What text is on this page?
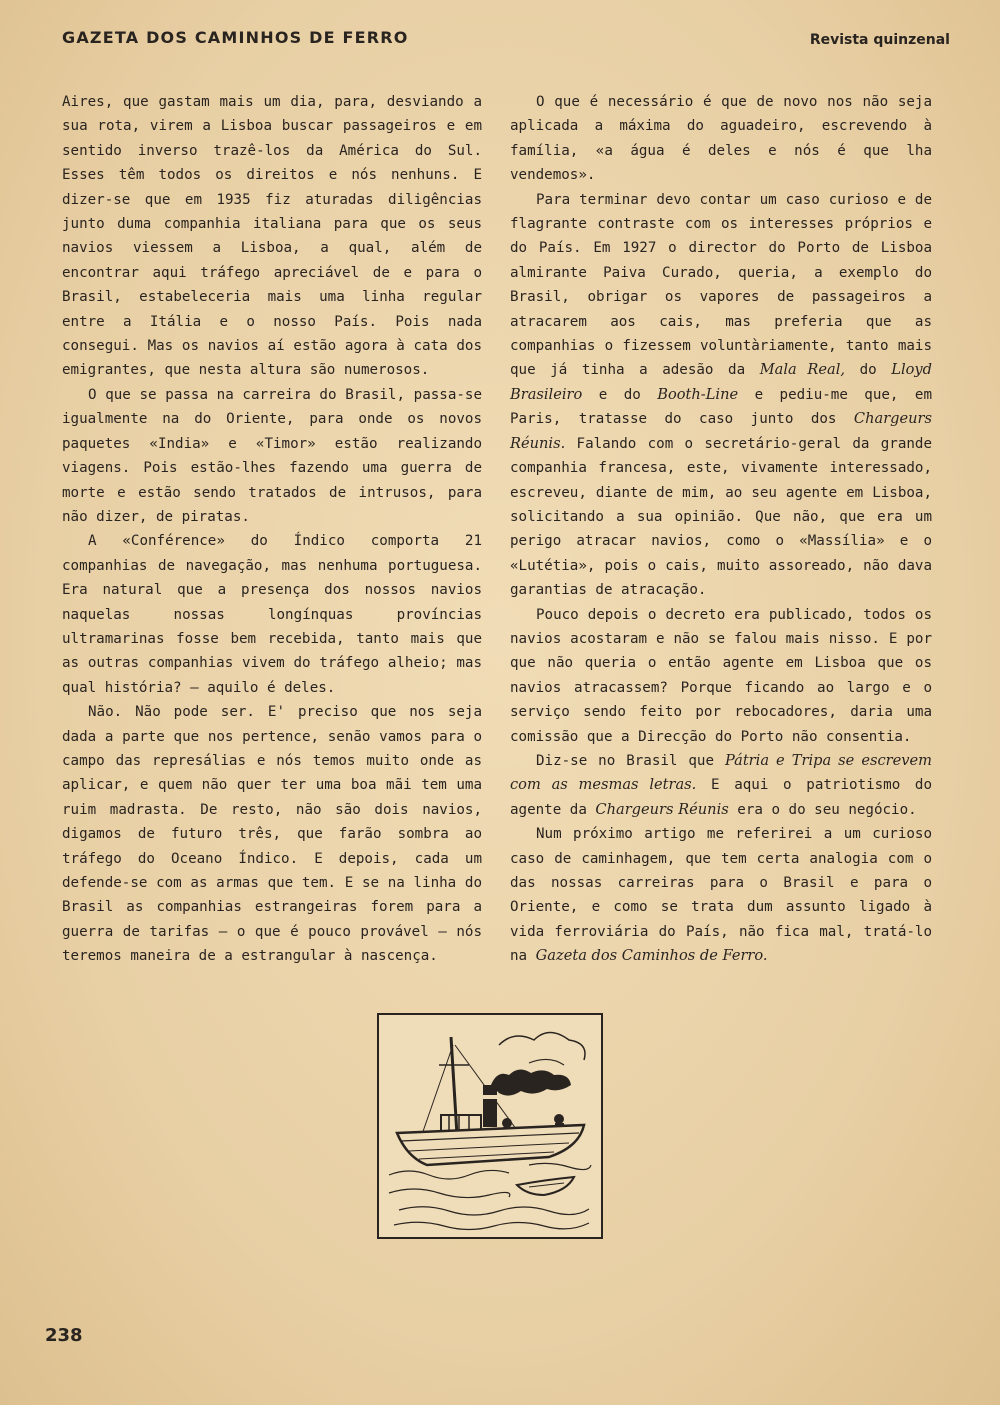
GAZETA DOS CAMINHOS DE FERRO	Revista quinzenal

Aires, que gastam mais um dia, para, desviando a sua rota, virem a Lisboa buscar passageiros e em sentido inverso trazê-los da América do Sul. Esses têm todos os direitos e nós nenhuns. E dizer-se que em 1935 fiz aturadas diligências junto duma companhia italiana para que os seus navios viessem a Lisboa, a qual, além de encontrar aqui tráfego apreciável de e para o Brasil, estabeleceria mais uma linha regular entre a Itália e o nosso País. Pois nada consegui. Mas os navios aí estão agora à cata dos emigrantes, que nesta altura são numerosos.

O que se passa na carreira do Brasil, passa-se igualmente na do Oriente, para onde os novos paquetes «India» e «Timor» estão realizando viagens. Pois estão-lhes fazendo uma guerra de morte e estão sendo tratados de intrusos, para não dizer, de piratas.

A «Conférence» do Índico comporta 21 companhias de navegação, mas nenhuma portuguesa. Era natural que a presença dos nossos navios naquelas nossas longínquas províncias ultramarinas fosse bem recebida, tanto mais que as outras companhias vivem do tráfego alheio; mas qual história? — aquilo é deles.

Não. Não pode ser. E' preciso que nos seja dada a parte que nos pertence, senão vamos para o campo das represálias e nós temos muito onde as aplicar, e quem não quer ter uma boa mãi tem uma ruim madrasta. De resto, não são dois navios, digamos de futuro três, que farão sombra ao tráfego do Oceano Índico. E depois, cada um defende-se com as armas que tem. E se na linha do Brasil as companhias estrangeiras forem para a guerra de tarifas — o que é pouco provável — nós teremos maneira de a estrangular à nascença.

O que é necessário é que de novo nos não seja aplicada a máxima do aguadeiro, escrevendo à família, «a água é deles e nós é que lha vendemos».

Para terminar devo contar um caso curioso e de flagrante contraste com os interesses próprios e do País. Em 1927 o director do Porto de Lisboa almirante Paiva Curado, queria, a exemplo do Brasil, obrigar os vapores de passageiros a atracarem aos cais, mas preferia que as companhias o fizessem voluntàriamente, tanto mais que já tinha a adesão da Mala Real, do Lloyd Brasileiro e do Booth-Line e pediu-me que, em Paris, tratasse do caso junto dos Chargeurs Réunis. Falando com o secretário-geral da grande companhia francesa, este, vivamente interessado, escreveu, diante de mim, ao seu agente em Lisboa, solicitando a sua opinião. Que não, que era um perigo atracar navios, como o «Massília» e o «Lutétia», pois o cais, muito assoreado, não dava garantias de atracação.

Pouco depois o decreto era publicado, todos os navios acostaram e não se falou mais nisso. E por que não queria o então agente em Lisboa que os navios atracassem? Porque ficando ao largo e o serviço sendo feito por rebocadores, daria uma comissão que a Direcção do Porto não consentia.

Diz-se no Brasil que Pátria e Tripa se escrevem com as mesmas letras. E aqui o patriotismo do agente da Chargeurs Réunis era o do seu negócio.

Num próximo artigo me referirei a um curioso caso de caminhagem, que tem certa analogia com o das nossas carreiras para o Brasil e para o Oriente, e como se trata dum assunto ligado à vida ferroviária do País, não fica mal, tratá-lo na Gazeta dos Caminhos de Ferro.

238
